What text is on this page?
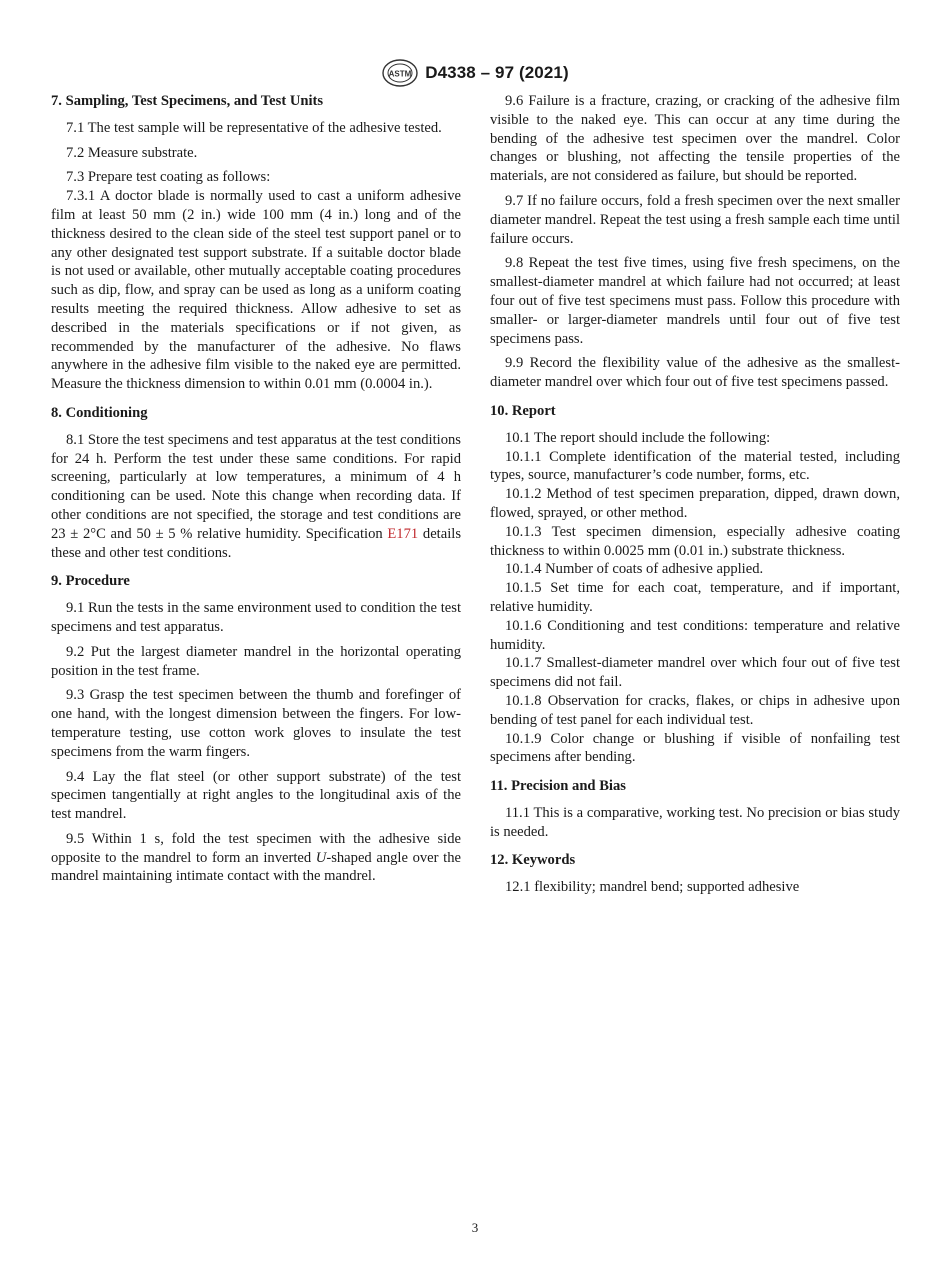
ASTM D4338 – 97 (2021)

7. Sampling, Test Specimens, and Test Units

7.1 The test sample will be representative of the adhesive tested.

7.2 Measure substrate.

7.3 Prepare test coating as follows:

7.3.1 A doctor blade is normally used to cast a uniform adhesive film at least 50 mm (2 in.) wide 100 mm (4 in.) long and of the thickness desired to the clean side of the steel test support panel or to any other designated test support substrate. If a suitable doctor blade is not used or available, other mutually acceptable coating procedures such as dip, flow, and spray can be used as long as a uniform coating results meeting the required thickness. Allow adhesive to set as described in the materials specifications or if not given, as recommended by the manufacturer of the adhesive. No flaws anywhere in the adhesive film visible to the naked eye are permitted. Measure the thickness dimension to within 0.01 mm (0.0004 in.).

8. Conditioning

8.1 Store the test specimens and test apparatus at the test conditions for 24 h. Perform the test under these same conditions. For rapid screening, particularly at low temperatures, a minimum of 4 h conditioning can be used. Note this change when recording data. If other conditions are not specified, the storage and test conditions are 23 ± 2°C and 50 ± 5 % relative humidity. Specification E171 details these and other test conditions.

9. Procedure

9.1 Run the tests in the same environment used to condition the test specimens and test apparatus.

9.2 Put the largest diameter mandrel in the horizontal operating position in the test frame.

9.3 Grasp the test specimen between the thumb and forefinger of one hand, with the longest dimension between the fingers. For low-temperature testing, use cotton work gloves to insulate the test specimens from the warm fingers.

9.4 Lay the flat steel (or other support substrate) of the test specimen tangentially at right angles to the longitudinal axis of the test mandrel.

9.5 Within 1 s, fold the test specimen with the adhesive side opposite to the mandrel to form an inverted U-shaped angle over the mandrel maintaining intimate contact with the mandrel.

9.6 Failure is a fracture, crazing, or cracking of the adhesive film visible to the naked eye. This can occur at any time during the bending of the adhesive test specimen over the mandrel. Color changes or blushing, not affecting the tensile properties of the materials, are not considered as failure, but should be reported.

9.7 If no failure occurs, fold a fresh specimen over the next smaller diameter mandrel. Repeat the test using a fresh sample each time until failure occurs.

9.8 Repeat the test five times, using five fresh specimens, on the smallest-diameter mandrel at which failure had not occurred; at least four out of five test specimens must pass. Follow this procedure with smaller- or larger-diameter mandrels until four out of five test specimens pass.

9.9 Record the flexibility value of the adhesive as the smallest-diameter mandrel over which four out of five test specimens passed.

10. Report

10.1 The report should include the following:

10.1.1 Complete identification of the material tested, including types, source, manufacturer’s code number, forms, etc.

10.1.2 Method of test specimen preparation, dipped, drawn down, flowed, sprayed, or other method.

10.1.3 Test specimen dimension, especially adhesive coating thickness to within 0.0025 mm (0.01 in.) substrate thickness.

10.1.4 Number of coats of adhesive applied.

10.1.5 Set time for each coat, temperature, and if important, relative humidity.

10.1.6 Conditioning and test conditions: temperature and relative humidity.

10.1.7 Smallest-diameter mandrel over which four out of five test specimens did not fail.

10.1.8 Observation for cracks, flakes, or chips in adhesive upon bending of test panel for each individual test.

10.1.9 Color change or blushing if visible of nonfailing test specimens after bending.

11. Precision and Bias

11.1 This is a comparative, working test. No precision or bias study is needed.

12. Keywords

12.1 flexibility; mandrel bend; supported adhesive

3
